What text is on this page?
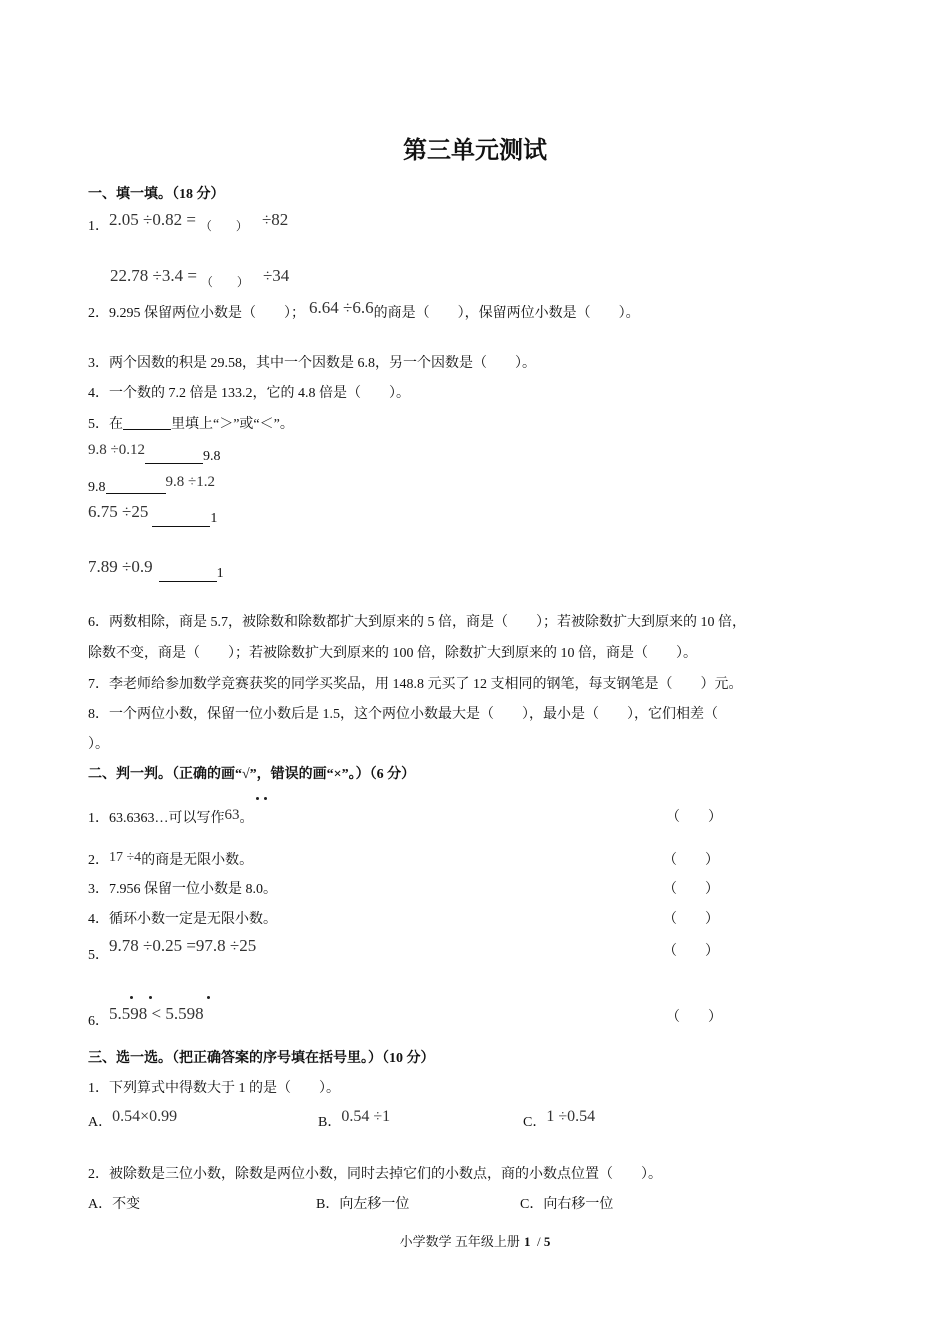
第三单元测试
一、填一填。（18 分）
1．2.05 ÷0.82 = （　　） ÷82
22.78 ÷3.4 = （　　） ÷34
2．9.295 保留两位小数是（　　）； 6.64 ÷6.6的商是（　　），保留两位小数是（　　）。
3．两个因数的积是 29.58，其中一个因数是 6.8，另一个因数是（　　）。
4．一个数的 7.2 倍是 133.2，它的 4.8 倍是（　　）。
5．在	里填上“＞”或“＜”。
9.8 ÷0.12	9.8
9.8	9.8 ÷1.2
6.75 ÷25	1
7.89 ÷0.9	1
6．两数相除，商是 5.7，被除数和除数都扩大到原来的 5 倍，商是（　　）；若被除数扩大到原来的 10 倍，
除数不变，商是（　　）；若被除数扩大到原来的 100 倍，除数扩大到原来的 10 倍，商是（　　）。
7．李老师给参加数学竞赛获奖的同学买奖品，用 148.8 元买了 12 支相同的钢笔，每支钢笔是（　　）元。
8．一个两位小数，保留一位小数后是 1.5，这个两位小数最大是（　　），最小是（　　），它们相差（
）。
二、判一判。（正确的画“√”，错误的画“×”。）（6 分）
1．63.6363…可以写作63。	（　　）
2．17 ÷4的商是无限小数。	（　　）
3．7.956 保留一位小数是 8.0。	（　　）
4．循环小数一定是无限小数。	（　　）
5．9.78 ÷0.25 =97.8 ÷25	（　　）
6．5.598 < 5.598	（　　）
三、选一选。（把正确答案的序号填在括号里。）（10 分）
1．下列算式中得数大于 1 的是（　　）。
A．0.54×0.99	B．0.54 ÷1	C．1 ÷0.54
2．被除数是三位小数，除数是两位小数，同时去掉它们的小数点，商的小数点位置（　　）。
A．不变	B．向左移一位	C．向右移一位
小学数学 五年级上册 1  / 5
